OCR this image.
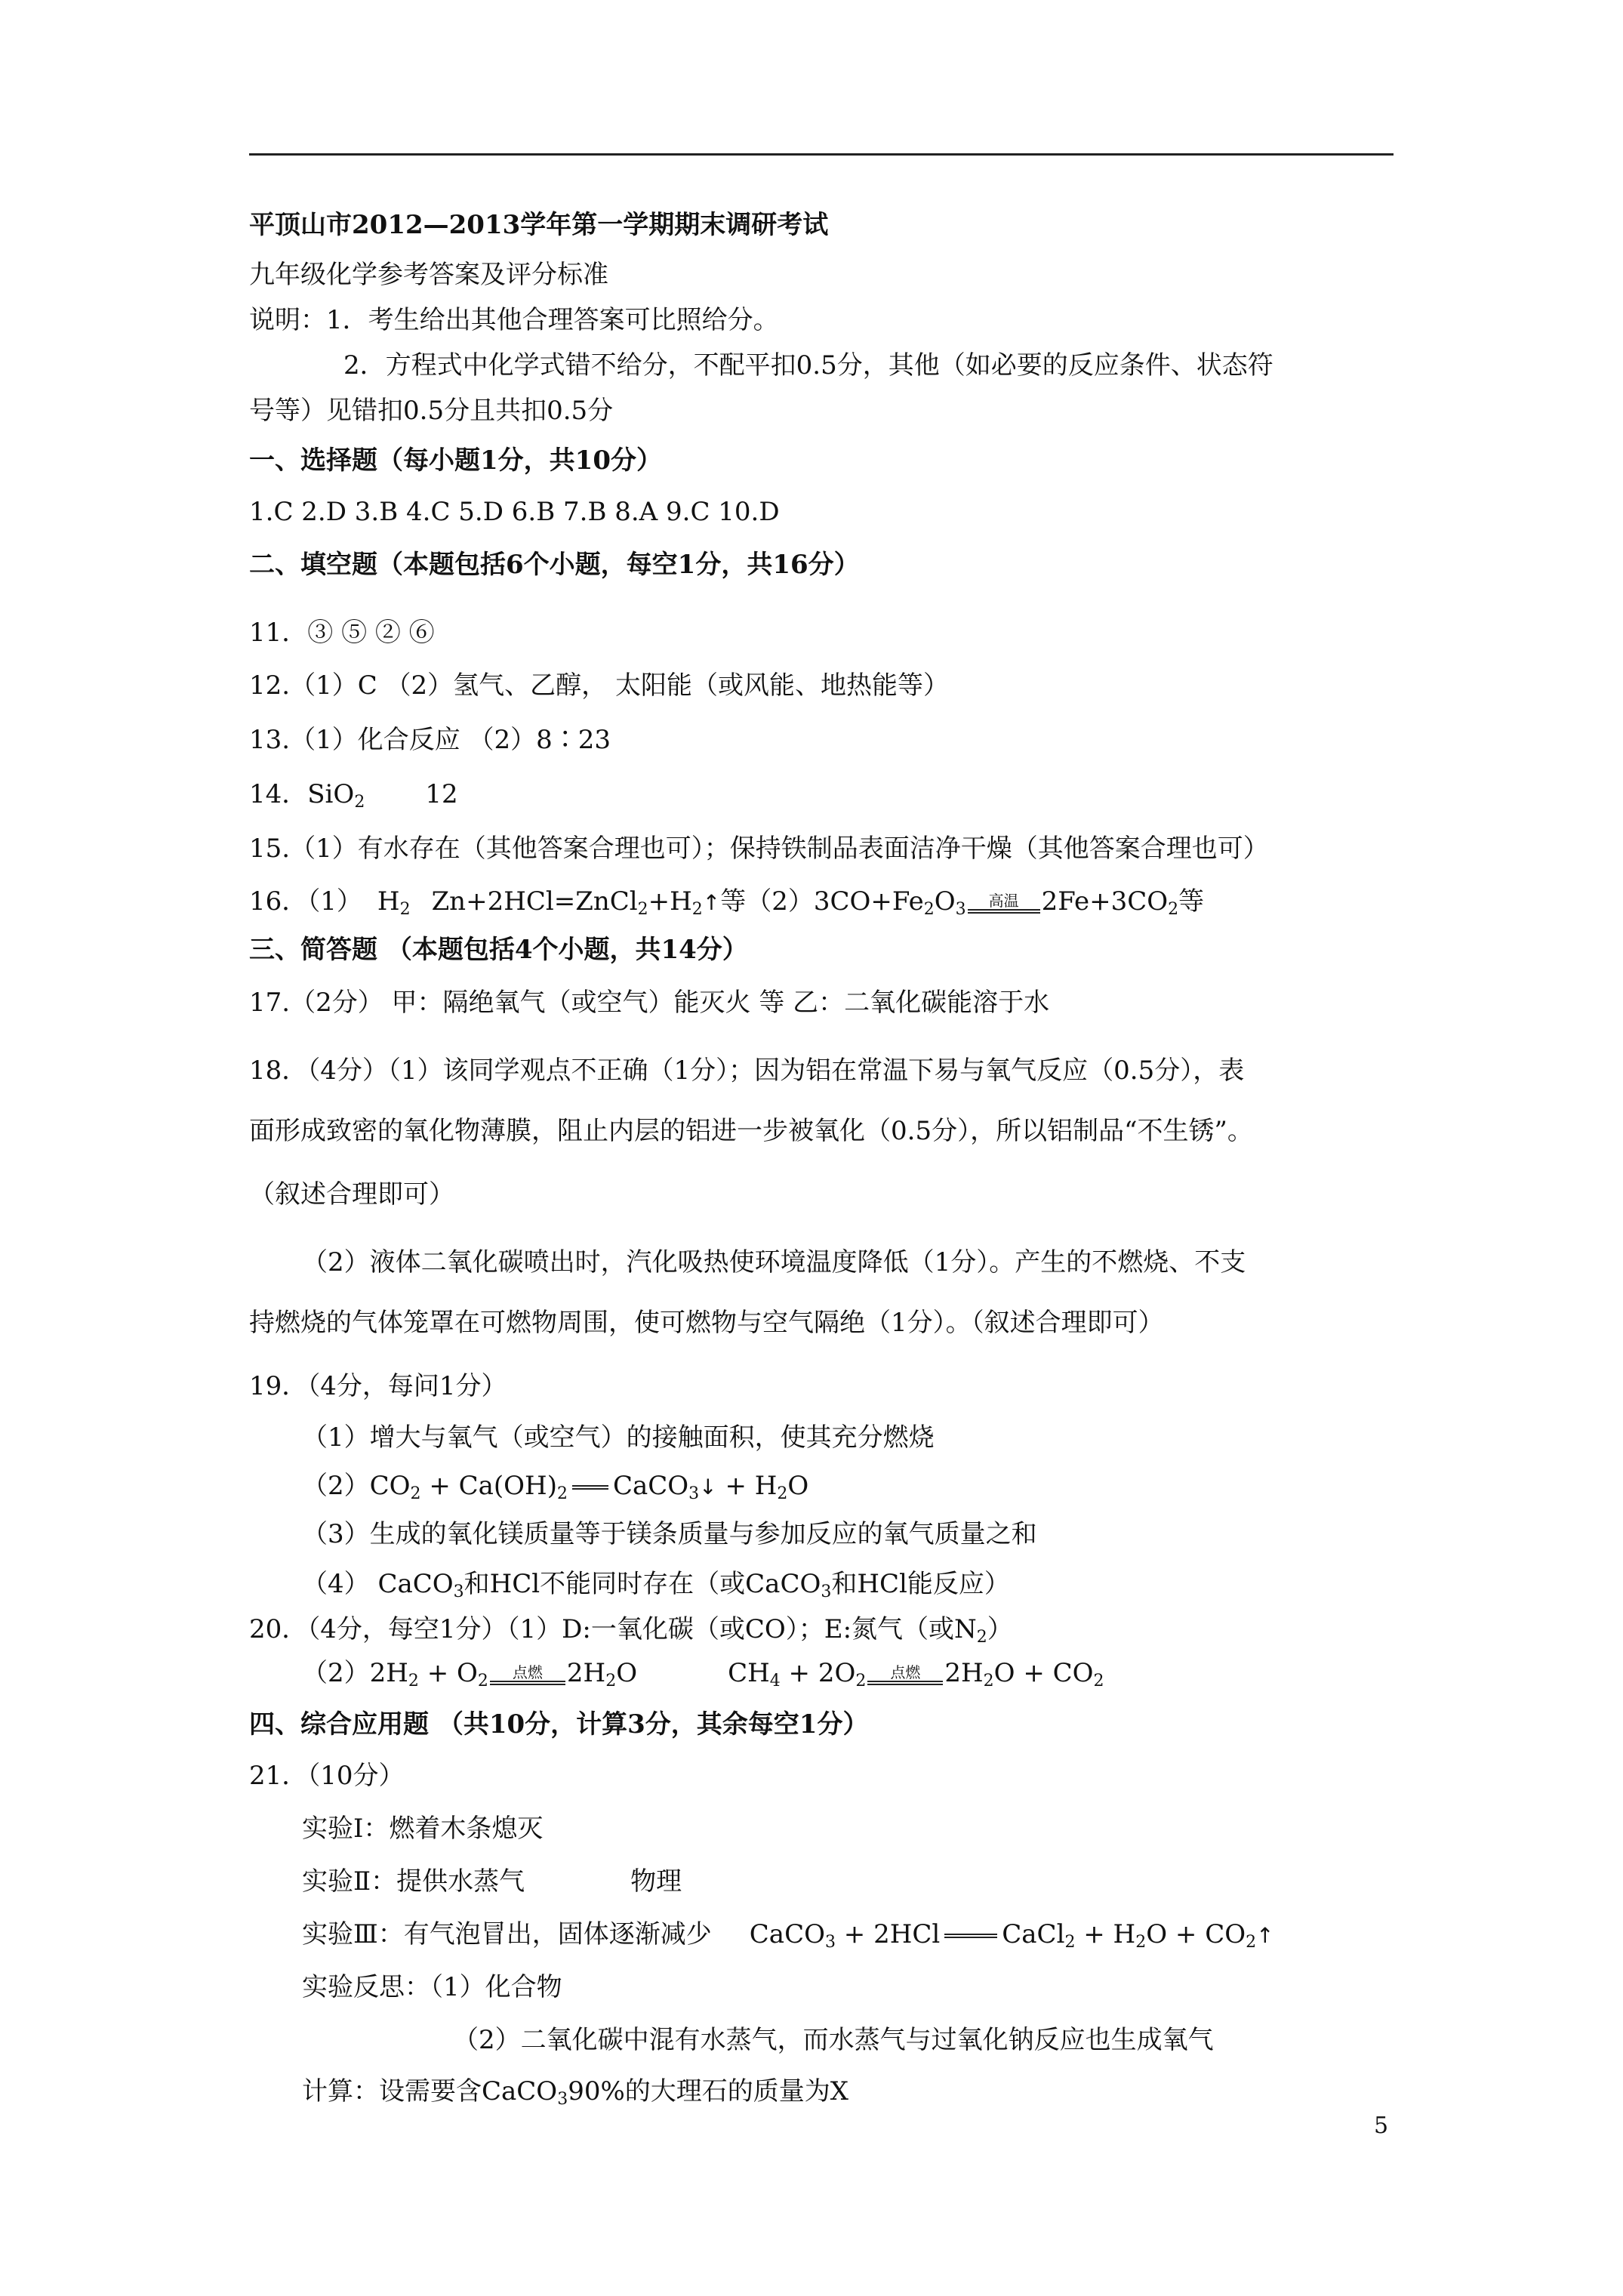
平顶山市2012—2013学年第一学期期末调研考试
九年级化学参考答案及评分标准
说明：1．考生给出其他合理答案可比照给分。
2．方程式中化学式错不给分，不配平扣0.5分，其他（如必要的反应条件、状态符
号等）见错扣0.5分且共扣0.5分
一、选择题（每小题1分，共10分）
1.C 2.D 3.B 4.C 5.D 6.B 7.B 8.A 9.C 10.D
二、填空题（本题包括6个小题，每空1分，共16分）
11．③ ⑤ ② ⑥
12.（1）C （2）氢气、乙醇， 太阳能（或风能、地热能等）
13.（1）化合反应 （2）8∶23
14．SiO$_2$ 12
15.（1）有水存在（其他答案合理也可）；保持铁制品表面洁净干燥（其他答案合理也可）
16．（1） $H_2$ $Zn+2HCl=ZnCl_2+H_2↑$等$(2)3CO+Fe_2O_3$	高温 $2Fe+3CO_2$等
三、简答题 （本题包括4个小题，共14分）
17.（2分） 甲：隔绝氧气（或空气）能灭火 等 乙：二氧化碳能溶于水
18．（4分）（1）该同学观点不正确（1分）；因为铝在常温下易与氧气反应（0.5分），表
面形成致密的氧化物薄膜，阻止内层的铝进一步被氧化（0.5分），所以铝制品“不生锈”。
（叙述合理即可）
（2）液体二氧化碳喷出时，汽化吸热使环境温度降低（1分）。产生的不燃烧、不支
持燃烧的气体笼罩在可燃物周围，使可燃物与空气隔绝（1分）。（叙述合理即可）
19．（4分，每问1分）
（1）增大与氧气（或空气）的接触面积，使其充分燃烧
$(2)CO_2 + Ca(OH)_2$ CaCO$_3$↓ + $H_2O$
（3）生成的氧化镁质量等于镁条质量与参加反应的氧气质量之和
（4） CaCO$_3$和HCl不能同时存在（或CaCO$_3$和HCl能反应）
20．（4分，每空1分）（1）D:一氧化碳（或CO）；E:氮气（或$N_2$）
$(2)2H_2 + O_2$	点燃 $2H_2O$	$CH_4 + 2O_2$	点燃 $2H_2O + CO_2$
四、综合应用题 （共10分，计算3分，其余每空1分）
21．（10分）
实验Ⅰ：燃着木条熄灭
实验Ⅱ：提供水蒸气	物理
实验Ⅲ：有气泡冒出，固体逐渐减少 CaCO$_3$ + 2HCl CaCl$_2$ + $H_2O$ + $CO_2↑$
实验反思：（1）化合物
（2）二氧化碳中混有水蒸气，而水蒸气与过氧化钠反应也生成氧气
计算：设需要含CaCO$_3$90%的大理石的质量为X
5
